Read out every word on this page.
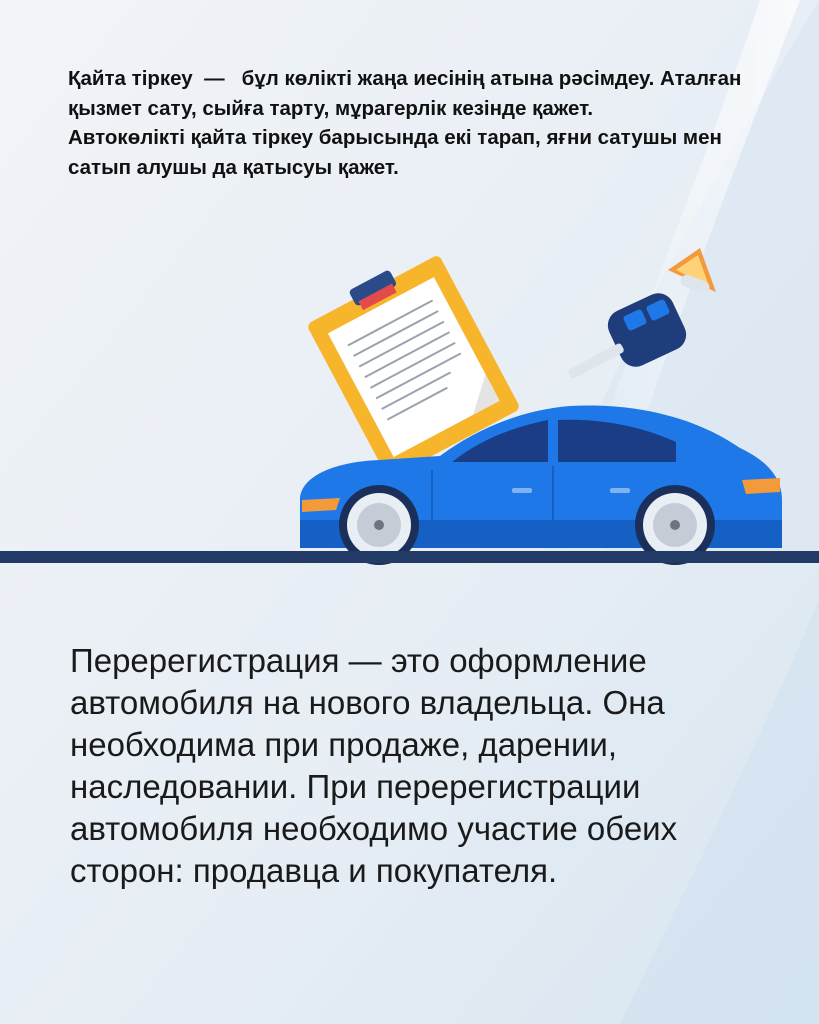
Қайта тіркеу  —   бұл көлікті жаңа иесінің атына рәсімдеу. Аталған қызмет сату, сыйға тарту, мұрагерлік кезінде қажет.

Автокөлікті қайта тіркеу барысында екі тарап, яғни сатушы мен сатып алушы да қатысуы қажет.

Перерегистрация — это оформление автомобиля на нового владельца. Она необходима при продаже, дарении, наследовании. При перерегистрации автомобиля необходимо участие обеих сторон: продавца и покупателя.
